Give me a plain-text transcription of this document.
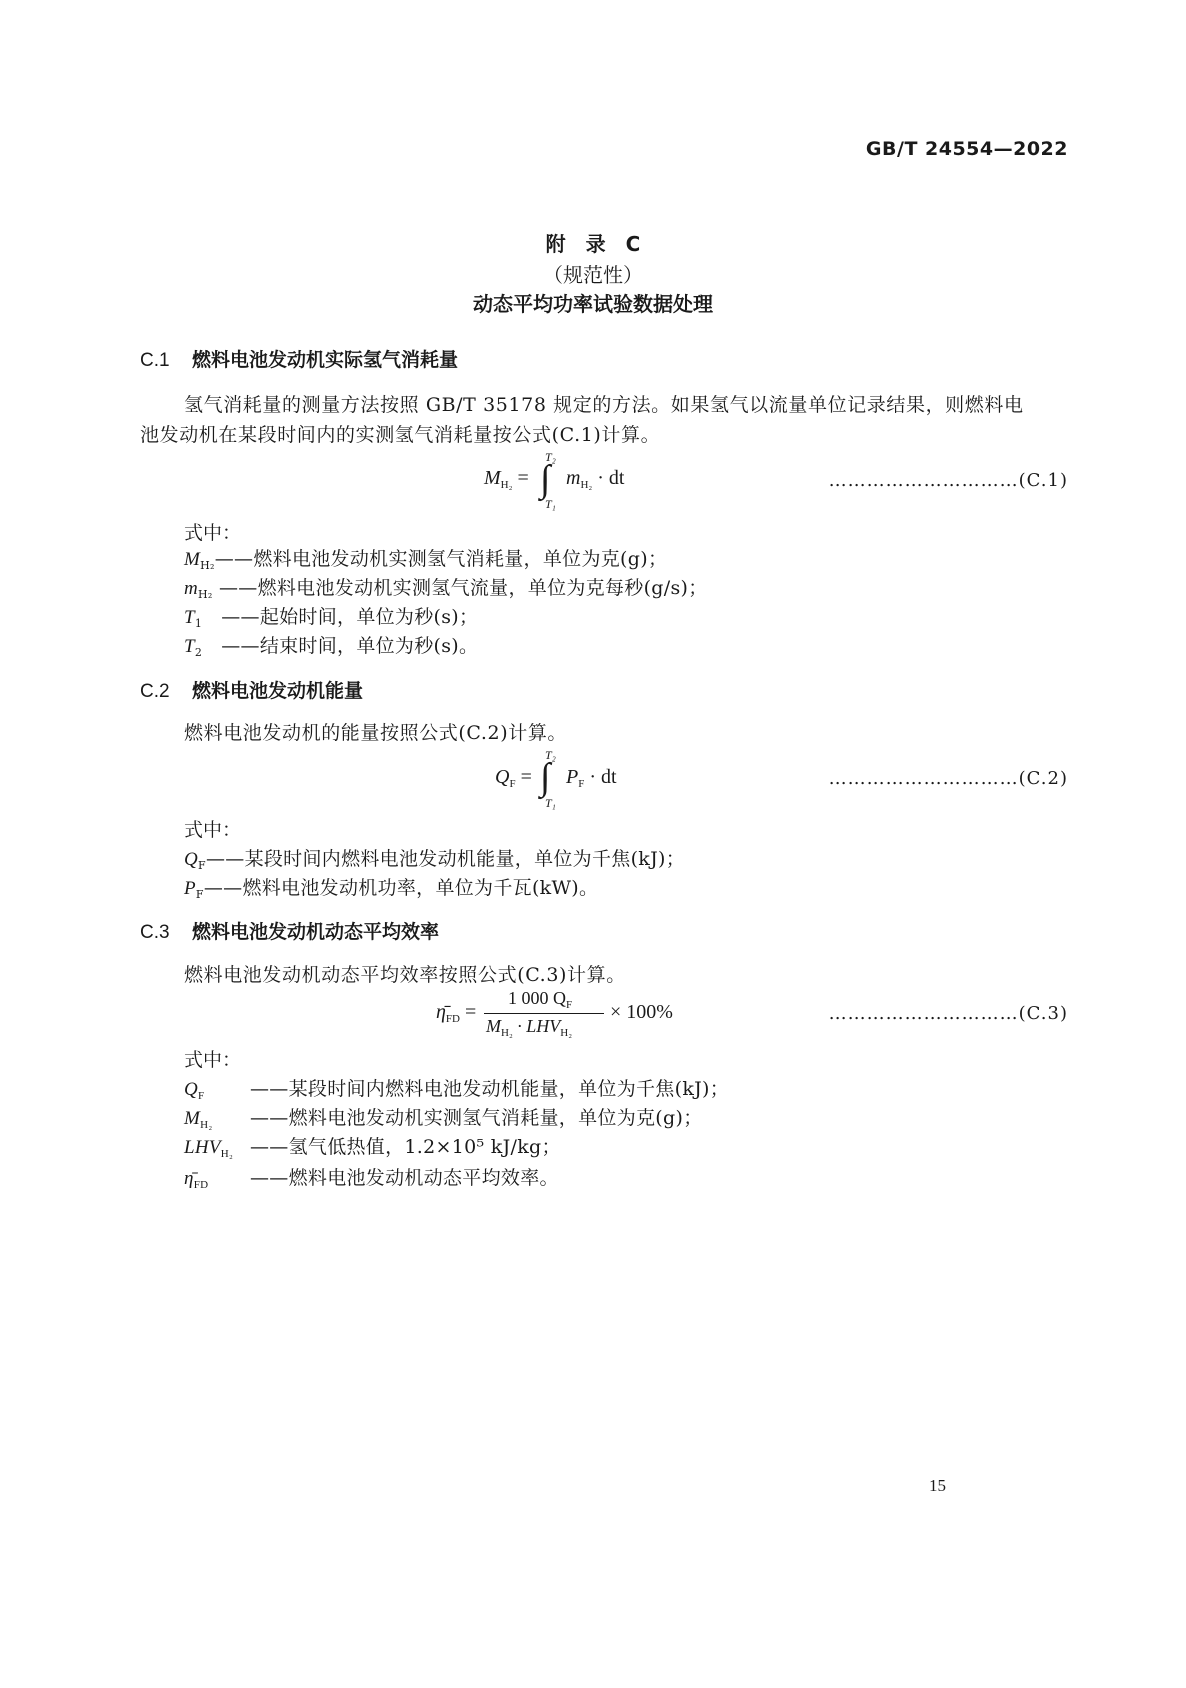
GB/T 24554—2022
附　录　C
（规范性）
动态平均功率试验数据处理
C.1 燃料电池发动机实际氢气消耗量
氢气消耗量的测量方法按照 GB/T 35178 规定的方法。如果氢气以流量单位记录结果，则燃料电
池发动机在某段时间内的实测氢气消耗量按公式(C.1)计算。
$M_{H_2}$ = ∫
T₂
T₁
$m_{H_2}$ · dt	…………………………(C.1)
式中：
$M_{H_2}——$燃料电池发动机实测氢气消耗量，单位为克(g)；
$m_{H_2}$ ——燃料电池发动机实测氢气流量，单位为克每秒(g/s)；
$T_1$ ——起始时间，单位为秒(s)；
$T_2$ ——结束时间，单位为秒(s)。
C.2 燃料电池发动机能量
燃料电池发动机的能量按照公式(C.2)计算。
$Q_F$ = ∫
T₂
T₁
$P_F$ · dt	…………………………(C.2)
式中：
$Q_F——$某段时间内燃料电池发动机能量，单位为千焦(kJ)；
$P_F——$燃料电池发动机功率，单位为千瓦(kW)。
C.3 燃料电池发动机动态平均效率
燃料电池发动机动态平均效率按照公式(C.3)计算。
$\etā_{FD}$ =
1 000 $Q_F$
$M_{H_2} \cdot LHV_{H_2}$
× 100%	…………………………(C.3)
式中：
$Q_F$ ——某段时间内燃料电池发动机能量，单位为千焦(kJ)；
$M_{H_2}$ ——燃料电池发动机实测氢气消耗量，单位为克(g)；
$LHV_{H_2}$ ——氢气低热值，1.2×10⁵ kJ/kg；
$\etā_{FD}$ ——燃料电池发动机动态平均效率。
15
